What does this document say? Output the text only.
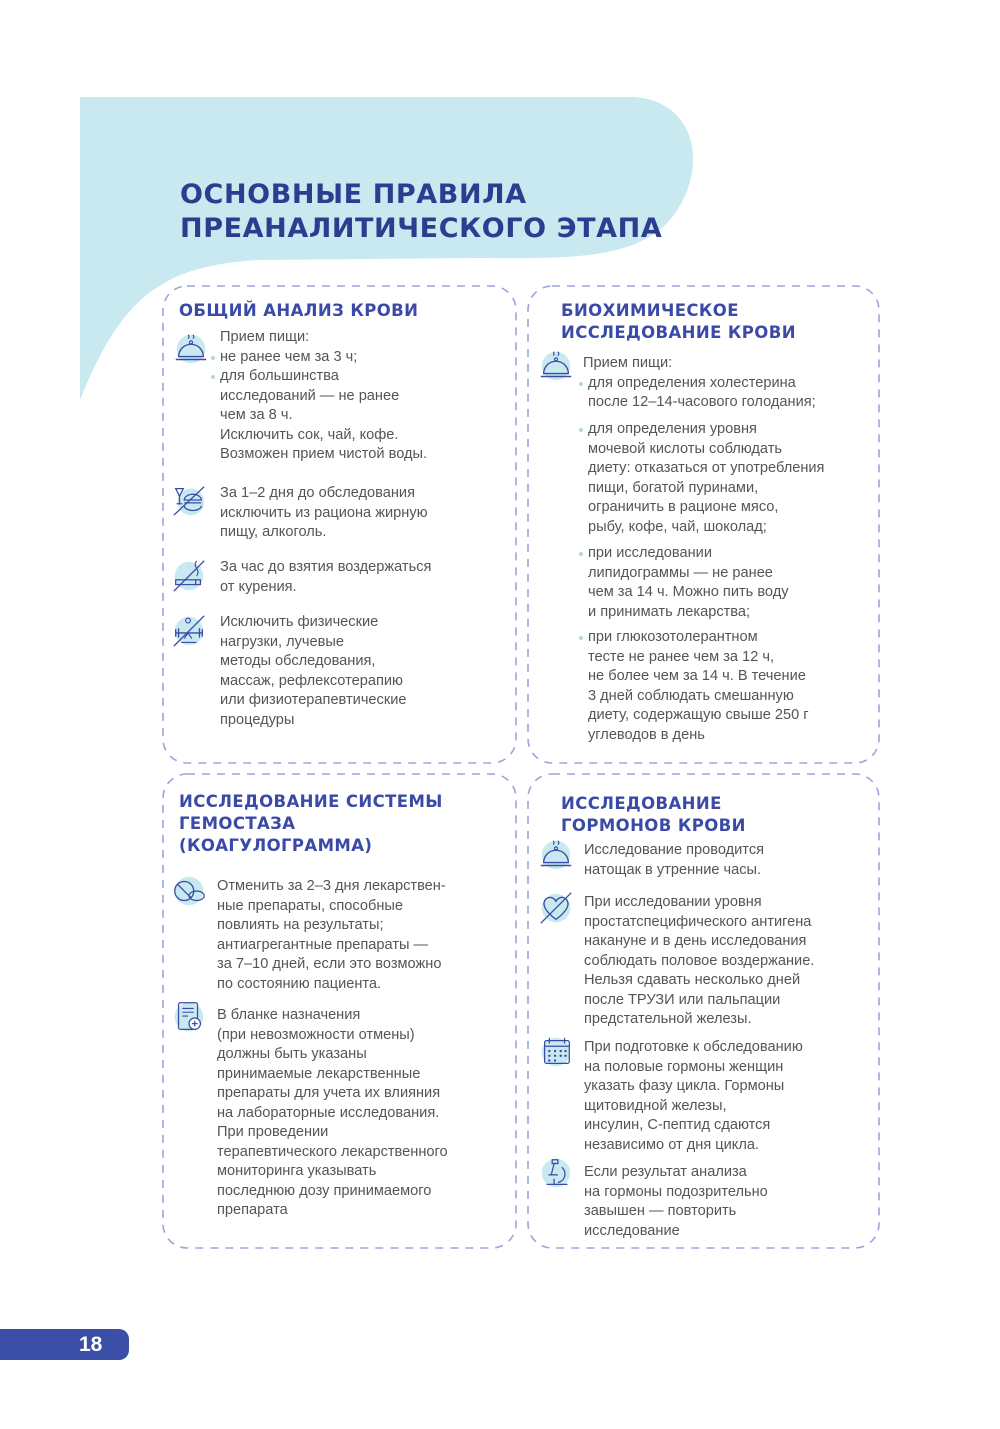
ОСНОВНЫЕ ПРАВИЛА
ПРЕАНАЛИТИЧЕСКОГО ЭТАПА
ОБЩИЙ АНАЛИЗ КРОВИ
Прием пищи:
не ранее чем за 3 ч;
для большинства
исследований — не ранее
чем за 8 ч.
Исключить сок, чай, кофе.
Возможен прием чистой воды.
За 1–2 дня до обследования
исключить из рациона жирную
пищу, алкоголь.
За час до взятия воздержаться
от курения.
Исключить физические
нагрузки, лучевые
методы обследования,
массаж, рефлексотерапию
или физиотерапевтические
процедуры
БИОХИМИЧЕСКОЕ
ИССЛЕДОВАНИЕ КРОВИ
Прием пищи:
для определения холестерина
после 12–14-часового голодания;
для определения уровня
мочевой кислоты соблюдать
диету: отказаться от употребления
пищи, богатой пуринами,
ограничить в рационе мясо,
рыбу, кофе, чай, шоколад;
при исследовании
липидограммы — не ранее
чем за 14 ч. Можно пить воду
и принимать лекарства;
при глюкозотолерантном
тесте не ранее чем за 12 ч,
не более чем за 14 ч. В течение
3 дней соблюдать смешанную
диету, содержащую свыше 250 г
углеводов в день
ИССЛЕДОВАНИЕ СИСТЕМЫ
ГЕМОСТАЗА
(КОАГУЛОГРАММА)
Отменить за 2–3 дня лекарствен-
ные препараты, способные
повлиять на результаты;
антиагрегантные препараты —
за 7–10 дней, если это возможно
по состоянию пациента.
В бланке назначения
(при невозможности отмены)
должны быть указаны
принимаемые лекарственные
препараты для учета их влияния
на лабораторные исследования.
При проведении
терапевтического лекарственного
мониторинга указывать
последнюю дозу принимаемого
препарата
ИССЛЕДОВАНИЕ
ГОРМОНОВ КРОВИ
Исследование проводится
натощак в утренние часы.
При исследовании уровня
простатспецифического антигена
накануне и в день исследования
соблюдать половое воздержание.
Нельзя сдавать несколько дней
после ТРУЗИ или пальпации
предстательной железы.
При подготовке к обследованию
на половые гормоны женщин
указать фазу цикла. Гормоны
щитовидной железы,
инсулин, С-пептид сдаются
независимо от дня цикла.
Если результат анализа
на гормоны подозрительно
завышен — повторить
исследование
18
